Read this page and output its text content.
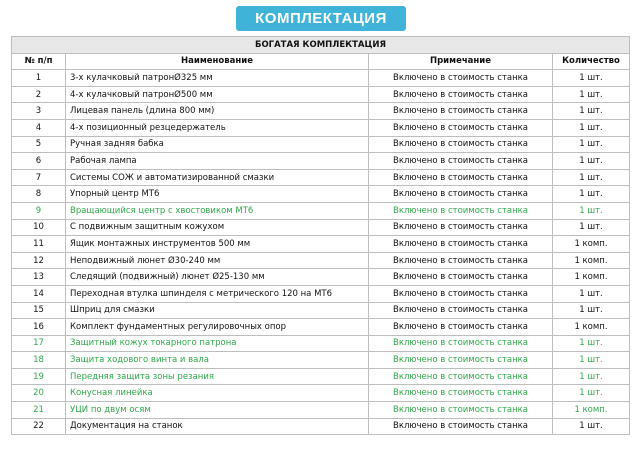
КОМПЛЕКТАЦИЯ
БОГАТАЯ КОМПЛЕКТАЦИЯ			
№ п/п	Наименование	Примечание	Количество
1	3-х кулачковый патронØ325 мм	Включено в стоимость станка	1 шт.
2	4-х кулачковый патронØ500 мм	Включено в стоимость станка	1 шт.
3	Лицевая панель (длина 800 мм)	Включено в стоимость станка	1 шт.
4	4-х позиционный резцедержатель	Включено в стоимость станка	1 шт.
5	Ручная задняя бабка	Включено в стоимость станка	1 шт.
6	Рабочая лампа	Включено в стоимость станка	1 шт.
7	Системы СОЖ и автоматизированной смазки	Включено в стоимость станка	1 шт.
8	Упорный центр МТ6	Включено в стоимость станка	1 шт.
9	Вращающийся центр с хвостовиком МТ6	Включено в стоимость станка	1 шт.
10	С подвижным защитным кожухом	Включено в стоимость станка	1 шт.
11	Ящик монтажных инструментов 500 мм	Включено в стоимость станка	1 комп.
12	Неподвижный люнет Ø30-240 мм	Включено в стоимость станка	1 комп.
13	Следящий (подвижный) люнет Ø25-130 мм	Включено в стоимость станка	1 комп.
14	Переходная втулка шпинделя с метрического 120 на МТ6	Включено в стоимость станка	1 шт.
15	Шприц для смазки	Включено в стоимость станка	1 шт.
16	Комплект фундаментных регулировочных опор	Включено в стоимость станка	1 комп.
17	Защитный кожух токарного патрона	Включено в стоимость станка	1 шт.
18	Защита ходового винта и вала	Включено в стоимость станка	1 шт.
19	Передняя защита зоны резания	Включено в стоимость станка	1 шт.
20	Конусная линейка	Включено в стоимость станка	1 шт.
21	УЦИ по двум осям	Включено в стоимость станка	1 комп.
22	Документация на станок	Включено в стоимость станка	1 шт.
